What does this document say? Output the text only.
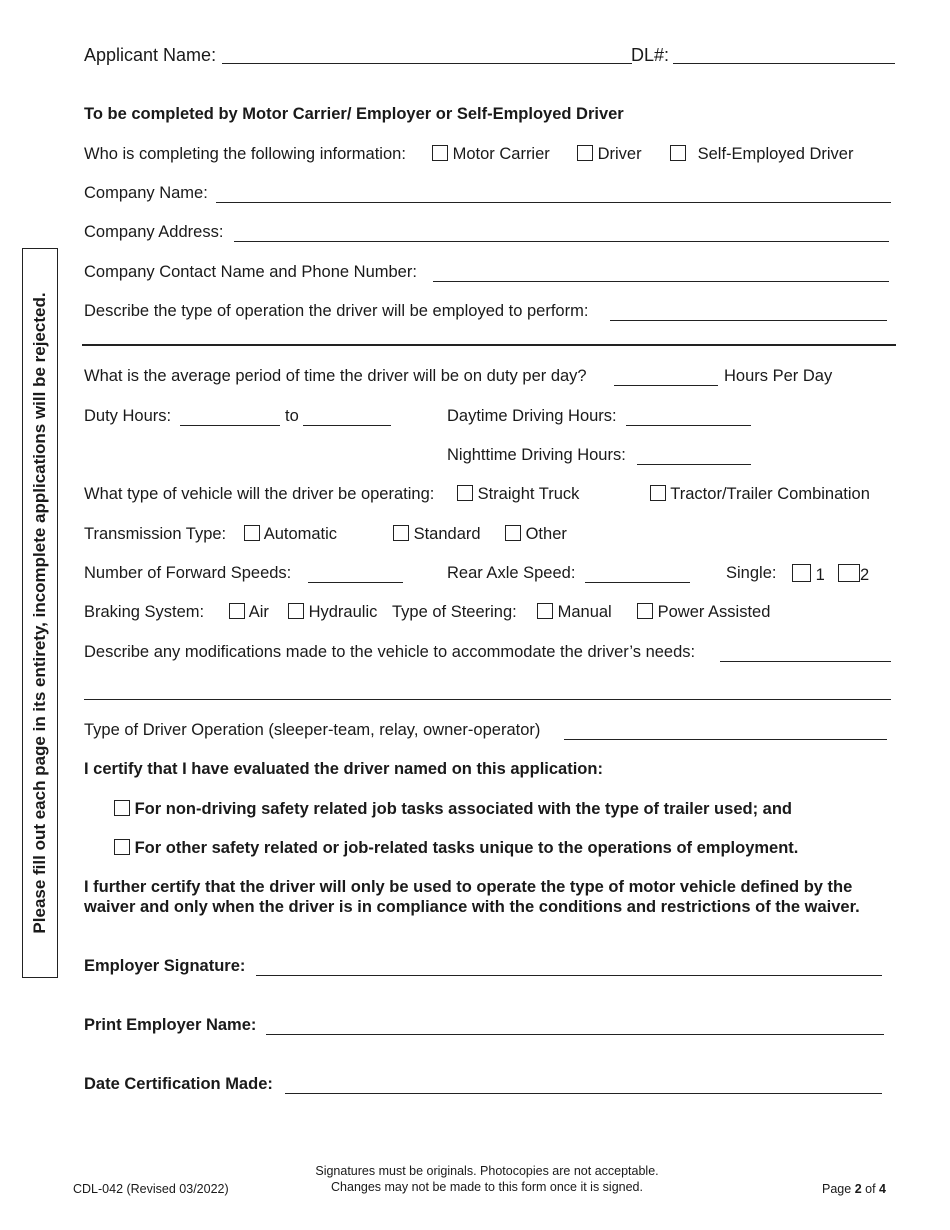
Please fill out each page in its entirety, incomplete applications will be rejected.
Applicant Name:	DL#:
To be completed by Motor Carrier/ Employer or Self-Employed Driver
Who is completing the following information:	Motor Carrier	Driver	Self-Employed Driver
Company Name:
Company Address:
Company Contact Name and Phone Number:
Describe the type of operation the driver will be employed to perform:
What is the average period of time the driver will be on duty per day?	Hours Per Day
Duty Hours:	to	Daytime Driving Hours:
Nighttime Driving Hours:
What type of vehicle will the driver be operating:	Straight Truck	Tractor/Trailer Combination
Transmission Type:	Automatic	Standard	Other
Number of Forward Speeds:	Rear Axle Speed:	Single:	1	2
Braking System:	Air	Hydraulic Type of Steering:	Manual	Power Assisted
Describe any modifications made to the vehicle to accommodate the driver’s needs:
Type of Driver Operation (sleeper-team, relay, owner-operator)
I certify that I have evaluated the driver named on this application:
For non-driving safety related job tasks associated with the type of trailer used; and
For other safety related or job-related tasks unique to the operations of employment.
I further certify that the driver will only be used to operate the type of motor vehicle defined by the
waiver and only when the driver is in compliance with the conditions and restrictions of the waiver.
Employer Signature:
Print Employer Name:
Date Certification Made:
CDL-042 (Revised 03/2022)
Signatures must be originals. Photocopies are not acceptable.
Changes may not be made to this form once it is signed.	Page 2 of 4
